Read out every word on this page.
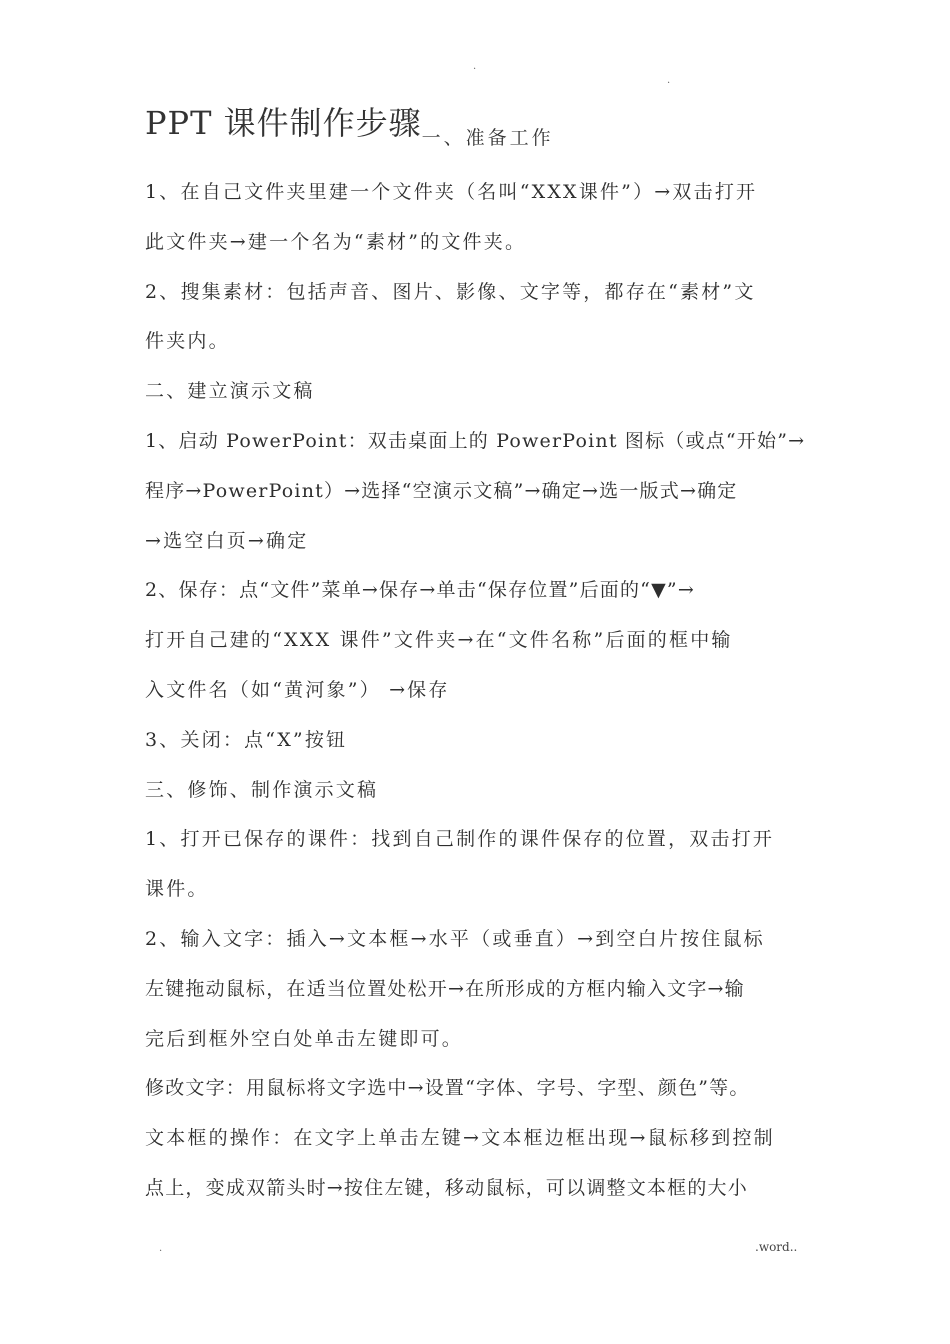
.
.
PPT 课件制作步骤一、准备工作
1、在自己文件夹里建一个文件夹（名叫“XXX课件”）→双击打开
此文件夹→建一个名为“素材”的文件夹。
2、搜集素材：包括声音、图片、影像、文字等，都存在“素材”文
件夹内。
二、建立演示文稿
1、启动 PowerPoint：双击桌面上的 PowerPoint 图标（或点“开始”→
程序→PowerPoint）→选择“空演示文稿”→确定→选一版式→确定
→选空白页→确定
2、保存：点“文件”菜单→保存→单击“保存位置”后面的“▼”→
打开自己建的“XXX 课件”文件夹→在“文件名称”后面的框中输
入文件名（如“黄河象”） →保存
3、关闭：点“X”按钮
三、修饰、制作演示文稿
1、打开已保存的课件：找到自己制作的课件保存的位置，双击打开
课件。
2、输入文字：插入→文本框→水平（或垂直）→到空白片按住鼠标
左键拖动鼠标，在适当位置处松开→在所形成的方框内输入文字→输
完后到框外空白处单击左键即可。
修改文字：用鼠标将文字选中→设置“字体、字号、字型、颜色”等。
文本框的操作：在文字上单击左键→文本框边框出现→鼠标移到控制
点上，变成双箭头时→按住左键，移动鼠标，可以调整文本框的大小
.	.word..
